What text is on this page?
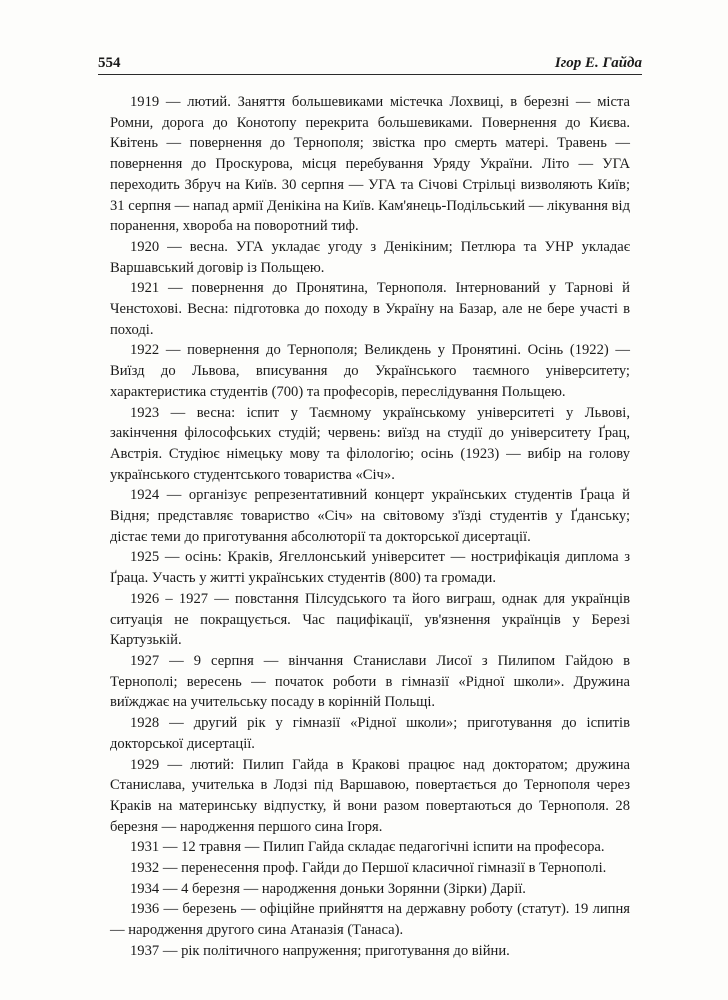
554	Ігор Е. Гайда

1919 — лютий. Заняття большевиками містечка Лохвиці, в березні — міста Ромни, дорога до Конотопу перекрита большевиками. Повернення до Києва. Квітень — повернення до Тернополя; звістка про смерть матері. Травень — повернення до Проскурова, місця перебування Уряду України. Літо — УГА переходить Збруч на Київ. 30 серпня — УГА та Січові Стрільці визволяють Київ; 31 серпня — напад армії Денікіна на Київ. Кам'янець-Подільський — лікування від поранення, хвороба на поворотний тиф.

1920 — весна. УГА укладає угоду з Денікіним; Петлюра та УНР укладає Варшавський договір із Польщею.

1921 — повернення до Пронятина, Тернополя. Інтернований у Тарнові й Ченстохові. Весна: підготовка до походу в Україну на Базар, але не бере участі в поході.

1922 — повернення до Тернополя; Великдень у Пронятині. Осінь (1922) — Виїзд до Львова, вписування до Українського таємного університету; характеристика студентів (700) та професорів, переслідування Польщею.

1923 — весна: іспит у Таємному українському університеті у Львові, закінчення філософських студій; червень: виїзд на студії до університету Ґрац, Австрія. Студіює німецьку мову та філологію; осінь (1923) — вибір на голову українського студентського товариства «Січ».

1924 — організує репрезентативний концерт українських студентів Ґраца й Відня; представляє товариство «Січ» на світовому з'їзді студентів у Ґданську; дістає теми до приготування абсолюторії та докторської дисертації.

1925 — осінь: Краків, Ягеллонський університет — нострифікація диплома з Ґраца. Участь у житті українських студентів (800) та громади.

1926 – 1927 — повстання Пілсудського та його виграш, однак для українців ситуація не покращується. Час пацифікації, ув'язнення українців у Березі Картузькій.

1927 — 9 серпня — вінчання Станислави Лисої з Пилипом Гайдою в Тернополі; вересень — початок роботи в гімназії «Рідної школи». Дружина виїжджає на учительську посаду в корінній Польщі.

1928 — другий рік у гімназії «Рідної школи»; приготування до іспитів докторської дисертації.

1929 — лютий: Пилип Гайда в Кракові працює над докторатом; дружина Станислава, учителька в Лодзі під Варшавою, повертається до Тернополя через Краків на материнську відпустку, й вони разом повертаються до Тернополя. 28 березня — народження першого сина Ігоря.

1931 — 12 травня — Пилип Гайда складає педагогічні іспити на професора.

1932 — перенесення проф. Гайди до Першої класичної гімназії в Тернополі.

1934 — 4 березня — народження доньки Зорянни (Зірки) Дарії.

1936 — березень — офіційне прийняття на державну роботу (статут). 19 липня — народження другого сина Атаназія (Танаса).

1937 — рік політичного напруження; приготування до війни.
